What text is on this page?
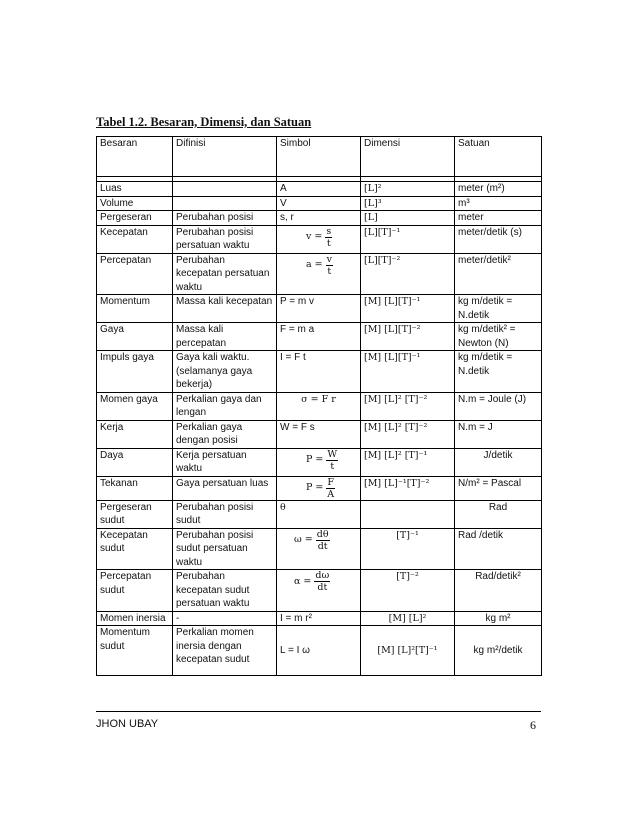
Tabel 1.2. Besaran, Dimensi, dan Satuan
Besaran	Difinisi	Simbol	Dimensi	Satuan

Luas		A	[L]²	meter (m²)
Volume		V	[L]³	m³
Pergeseran	Perubahan posisi	s, r	[L]	meter
Kecepatan	Perubahan posisi persatuan waktu	$v = \frac{s}{t}$	[L][T]⁻¹	meter/detik (s)
Percepatan	Perubahan kecepatan persatuan waktu	$a = \frac{v}{t}$	[L][T]⁻²	meter/detik²
Momentum	Massa kali kecepatan	P = m v	[M] [L][T]⁻¹	kg m/detik = N.detik
Gaya	Massa kali percepatan	F = m a	[M] [L][T]⁻²	kg m/detik² = Newton (N)
Impuls gaya	Gaya kali waktu. (selamanya gaya bekerja)	I = F t	[M] [L][T]⁻¹	kg m/detik = N.detik
Momen gaya	Perkalian gaya dan lengan	σ = F r	[M] [L]² [T]⁻²	N.m = Joule (J)
Kerja	Perkalian gaya dengan posisi	W = F s	[M] [L]² [T]⁻²	N.m = J
Daya	Kerja persatuan waktu	$P = \frac{W}{t}$	[M] [L]² [T]⁻¹	J/detik
Tekanan	Gaya persatuan luas	$P = \frac{F}{A}$	[M] [L]⁻¹[T]⁻²	N/m² = Pascal
Pergeseran sudut	Perubahan posisi sudut	θ		Rad
Kecepatan sudut	Perubahan posisi sudut persatuan waktu	$\omega = \frac{d\theta}{dt}$	[T]⁻¹	Rad /detik
Percepatan sudut	Perubahan kecepatan sudut persatuan waktu	$\alpha = \frac{d\omega}{dt}$	[T]⁻²	Rad/detik²
Momen inersia	-	I = m r²	[M] [L]²	kg m²
Momentum sudut	Perkalian momen inersia dengan kecepatan sudut	L = I ω	[M] [L]²[T]⁻¹	kg m²/detik
JHON UBAY	6
